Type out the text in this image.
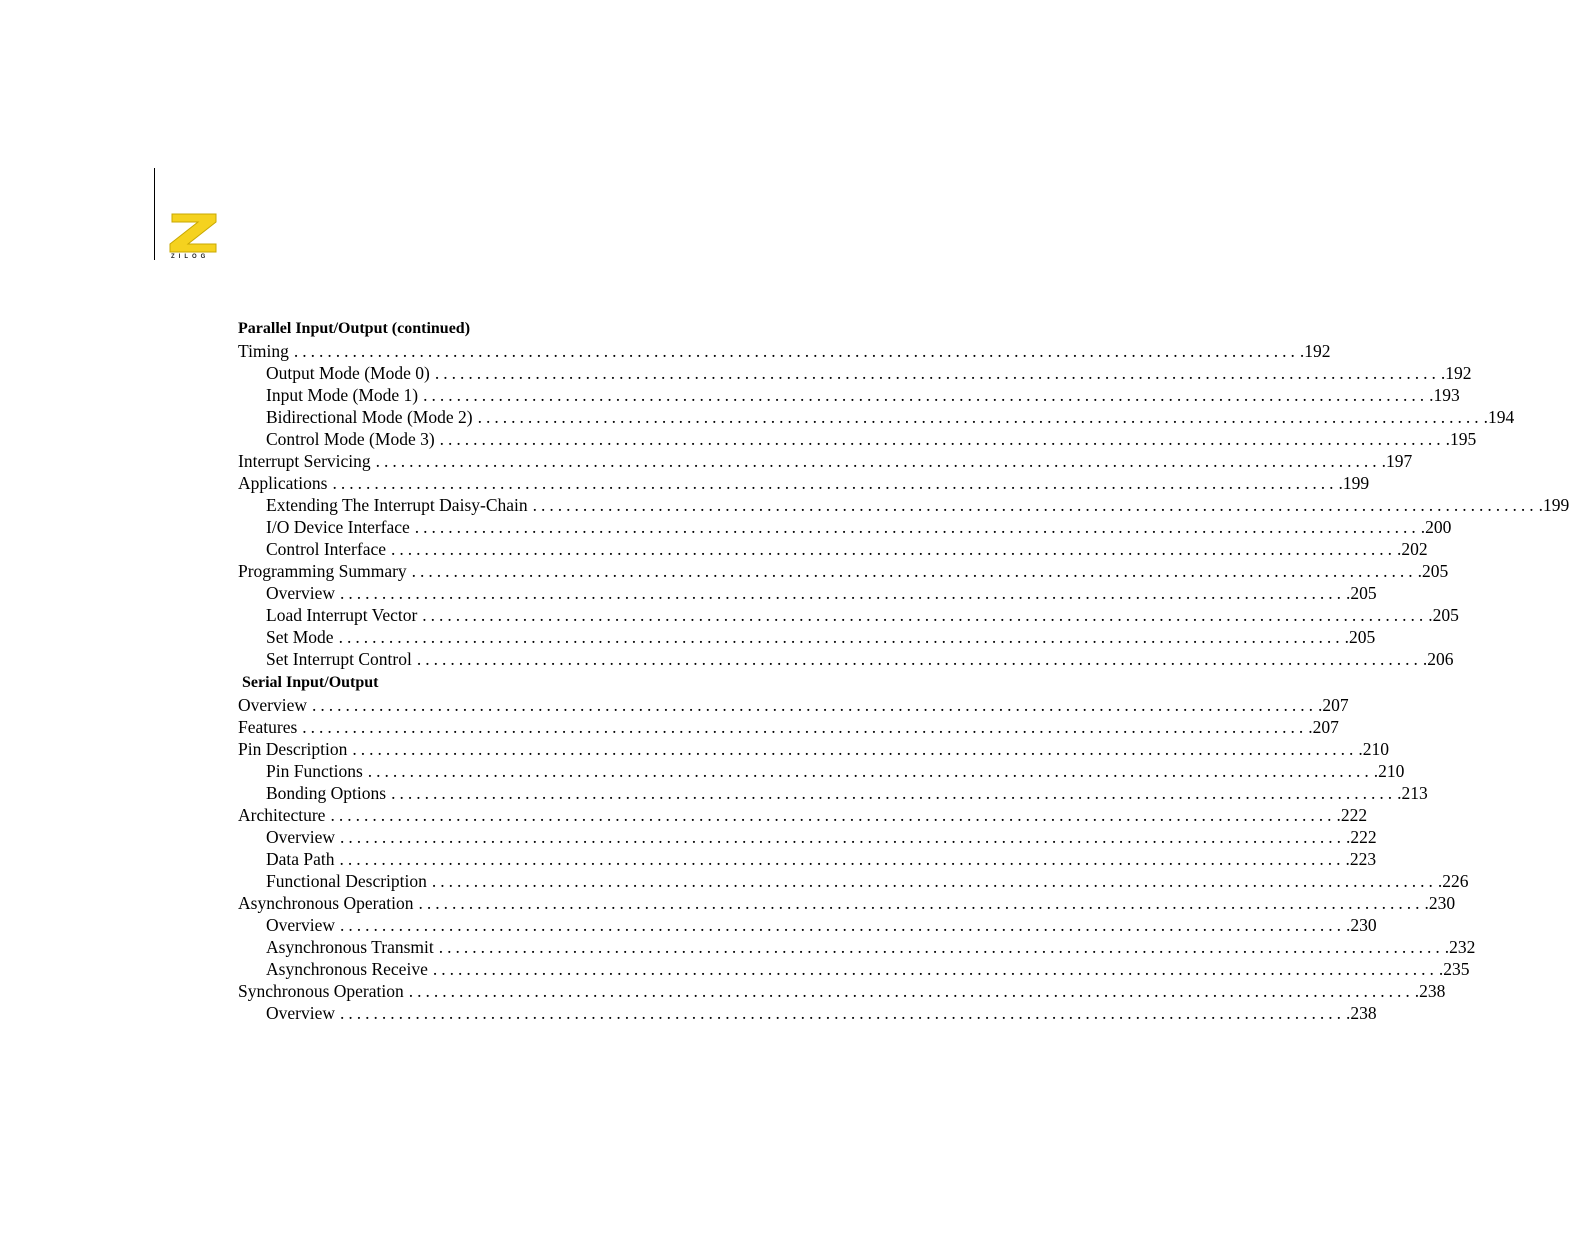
ZILOG
Parallel Input/Output (continued)
Timing ........................................................................................................................ .192
Output Mode (Mode 0) ........................................................................................................................ .192
Input Mode (Mode 1) ........................................................................................................................ .193
Bidirectional Mode (Mode 2) ........................................................................................................................ .194
Control Mode (Mode 3) ........................................................................................................................ .195
Interrupt Servicing ........................................................................................................................ .197
Applications ........................................................................................................................ .199
Extending The Interrupt Daisy-Chain ........................................................................................................................ .199
I/O Device Interface ........................................................................................................................ .200
Control Interface ........................................................................................................................ .202
Programming Summary ........................................................................................................................ .205
Overview ........................................................................................................................ .205
Load Interrupt Vector ........................................................................................................................ .205
Set Mode ........................................................................................................................ .205
Set Interrupt Control ........................................................................................................................ .206
Serial Input/Output
Overview ........................................................................................................................ .207
Features ........................................................................................................................ .207
Pin Description ........................................................................................................................ .210
Pin Functions ........................................................................................................................ .210
Bonding Options ........................................................................................................................ .213
Architecture ........................................................................................................................ .222
Overview ........................................................................................................................ .222
Data Path ........................................................................................................................ .223
Functional Description ........................................................................................................................ .226
Asynchronous Operation ........................................................................................................................ .230
Overview ........................................................................................................................ .230
Asynchronous Transmit ........................................................................................................................ .232
Asynchronous Receive ........................................................................................................................ .235
Synchronous Operation ........................................................................................................................ .238
Overview ........................................................................................................................ .238
